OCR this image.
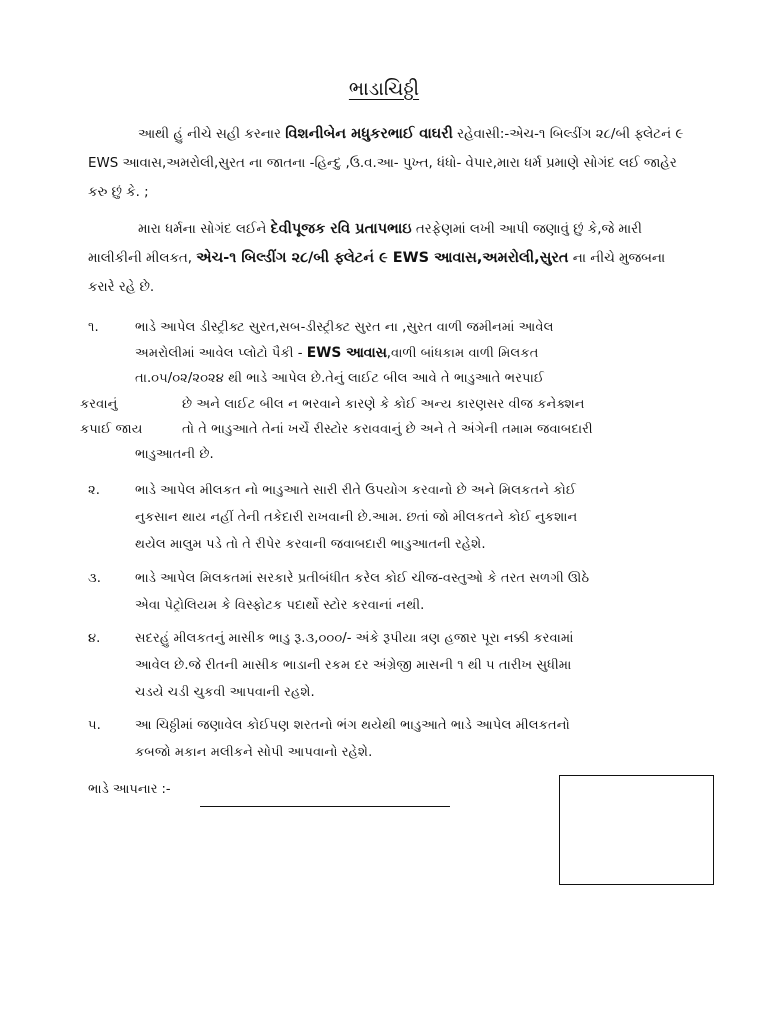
ભાડાચિઠ્ઠી

આથી હું નીચે સહી કરનાર વિશનીબેન મધુકરભાઈ વાઘરી રહેવાસી:-એચ-૧ બિલ્ડીંગ ૨૮/બી ફ્લેટનં ૯ EWS આવાસ,અમરોલી,સુરત ના જાતના -હિન્દુ ,ઉ.વ.આ- પુખ્ત, ધંધો- વેપાર,મારા ધર્મ પ્રમાણે સોગંદ લઈ જાહેર કરુ છું કે. ;

મારા ધર્મના સોગંદ લઈને દેવીપૂજક રવિ પ્રતાપભાઇ તરફેણમાં લખી આપી જણાવું છું કે,જે મારી માલીકીની મીલકત, એચ-૧ બિલ્ડીંગ ૨૮/બી ફ્લેટનં ૯ EWS આવાસ,અમરોલી,સુરત ના નીચે મુજબના કરારે રહે છે.

૧.	ભાડે આપેલ ડીસ્ટ્રીક્ટ સુરત,સબ-ડીસ્ટ્રીક્ટ સુરત ના ,સુરત વાળી જમીનમાં આવેલ
અમરોલીમાં આવેલ પ્લોટો પૈકી - EWS આવાસ,વાળી બાંધકામ વાળી મિલકત
તા.૦૫/૦૨/૨૦૨૪ થી ભાડે આપેલ છે.તેનું લાઈટ બીલ આવે તે ભાડુઆતે ભરપાઈ
કરવાનું	છે અને લાઈટ બીલ ન ભરવાને કારણે કે કોઈ અન્ય કારણસર વીજ કનેક્શન
કપાઈ જાય	તો તે ભાડુઆતે તેનાં ખર્ચે રીસ્ટોર કરાવવાનું છે અને તે અંગેની તમામ જવાબદારી
ભાડુઆતની છે.
૨.	ભાડે આપેલ મીલકત નો ભાડુઆતે સારી રીતે ઉપયોગ કરવાનો છે અને મિલકતને કોઈ
નુકસાન થાય નહીં તેની તકેદારી રાખવાની છે.આમ. છતાં જો મીલકતને કોઈ નુકશાન
થયેલ માલુમ પડે તો તે રીપેર કરવાની જવાબદારી ભાડુઆતની રહેશે.
૩.	ભાડે આપેલ મિલકતમાં સરકારે પ્રતીબંધીત કરેલ કોઈ ચીજ-વસ્તુઓ કે તરત સળગી ઊઠે
એવા પેટ્રોલિયમ કે વિસ્ફોટક પદાર્થો સ્ટોર કરવાનાં નથી.
૪.	સદરહું મીલકતનું માસીક ભાડુ રૂ.૩,૦૦૦/- અંકે રૂપીયા ત્રણ હજાર પૂરા નક્કી કરવામાં
આવેલ છે.જે રીતની માસીક ભાડાની રકમ દર અંગ્રેજી માસની ૧ થી ૫ તારીખ સુધીમા
ચડયે ચડી ચુકવી આપવાની રહશે.
૫.	આ ચિઠ્ઠીમાં જણાવેલ કોઈપણ શરતનો ભંગ થયેથી ભાડુઆતે ભાડે આપેલ મીલકતનો
કબજો મકાન મલીકને સોપી આપવાનો રહેશે.
ભાડે આપનાર :-
